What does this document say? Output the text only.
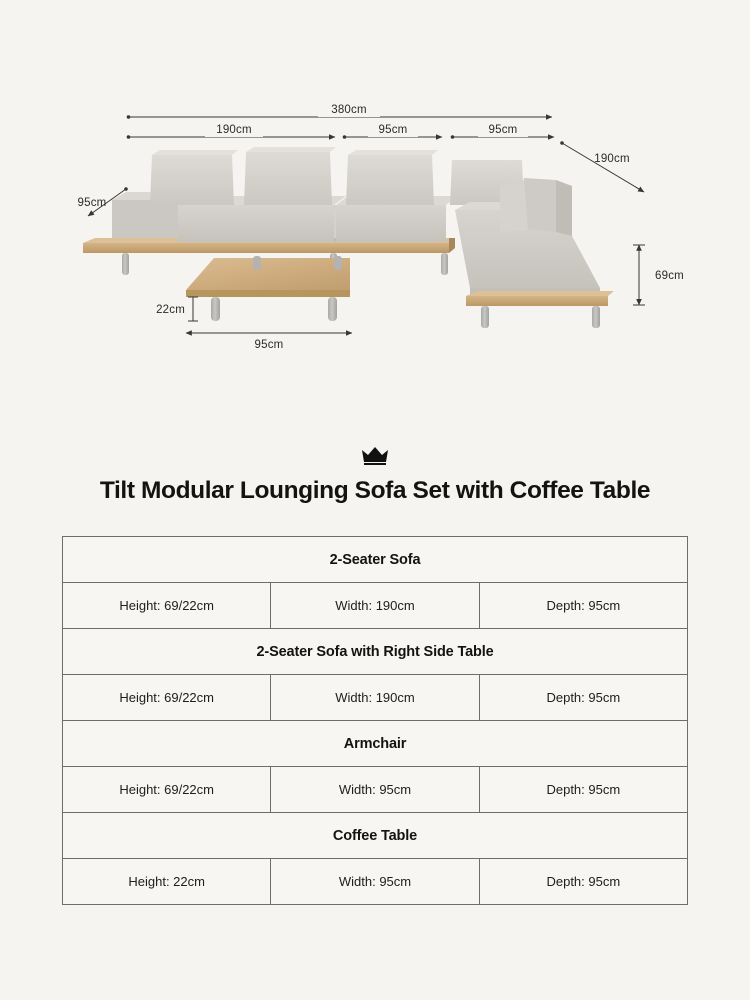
380cm
190cm	95cm	95cm
95cm
190cm
69cm
22cm
95cm
Tilt Modular Lounging Sofa Set with Coffee Table
2-Seater Sofa		
Height: 69/22cm	Width: 190cm	Depth: 95cm
2-Seater Sofa with Right Side Table		
Height: 69/22cm	Width: 190cm	Depth: 95cm
Armchair		
Height: 69/22cm	Width: 95cm	Depth: 95cm
Coffee Table		
Height: 22cm	Width: 95cm	Depth: 95cm
